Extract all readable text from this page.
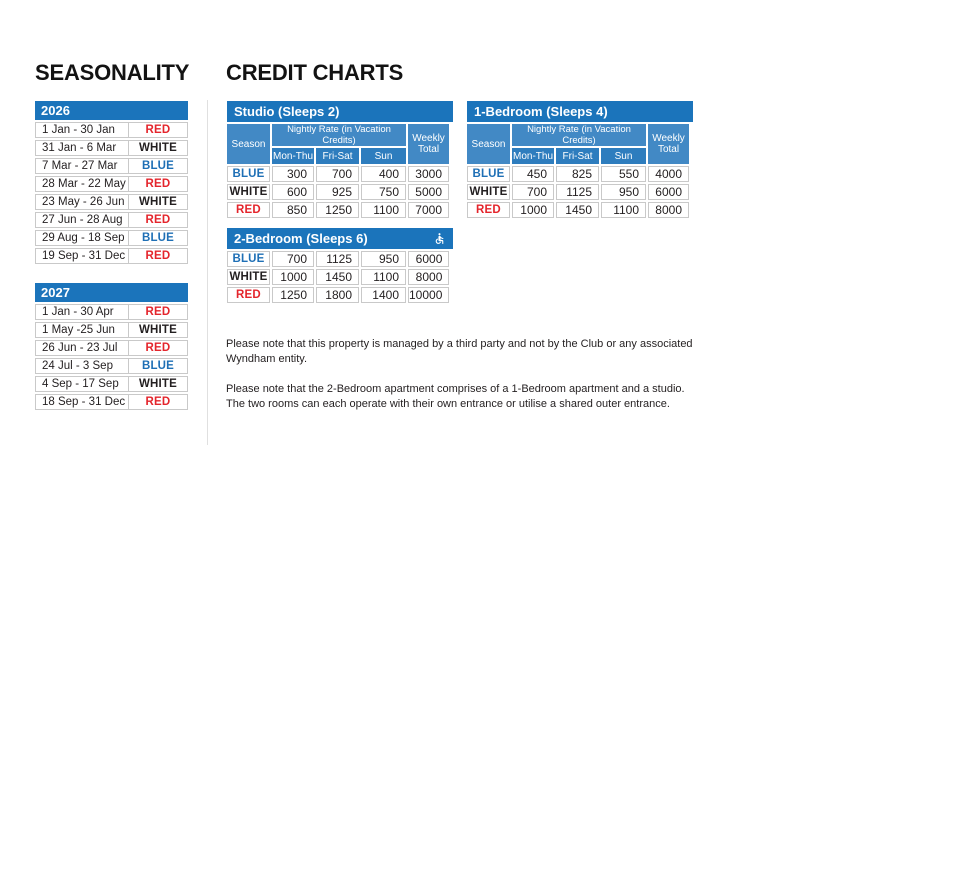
SEASONALITY CREDIT CHARTS
2026
1 Jan - 30 Jan	RED
31 Jan - 6 Mar	WHITE
7 Mar - 27 Mar	BLUE
28 Mar - 22 May	RED
23 May - 26 Jun	WHITE
27 Jun - 28 Aug	RED
29 Aug - 18 Sep	BLUE
19 Sep - 31 Dec	RED
2027
1 Jan - 30 Apr	RED
1 May -25 Jun	WHITE
26 Jun - 23 Jul	RED
24 Jul - 3 Sep	BLUE
4 Sep - 17 Sep	WHITE
18 Sep - 31 Dec	RED
Studio (Sleeps 2)
Season	Nightly Rate (in Vacation Credits)			Weekly Total
	Mon-Thu	Fri-Sat	Sun	
BLUE	300	700	400	3000
WHITE	600	925	750	5000
RED	850	1250	1100	7000
1-Bedroom (Sleeps 4)
Season	Nightly Rate (in Vacation Credits)			Weekly Total
	Mon-Thu	Fri-Sat	Sun	
BLUE	450	825	550	4000
WHITE	700	1125	950	6000
RED	1000	1450	1100	8000
2-Bedroom (Sleeps 6)
BLUE	700	1125	950	6000
WHITE	1000	1450	1100	8000
RED	1250	1800	1400	10000

Please note that this property is managed by a third party and not by the Club or any associated Wyndham entity.

Please note that the 2-Bedroom apartment comprises of a 1-Bedroom apartment and a studio. The two rooms can each operate with their own entrance or utilise a shared outer entrance.
